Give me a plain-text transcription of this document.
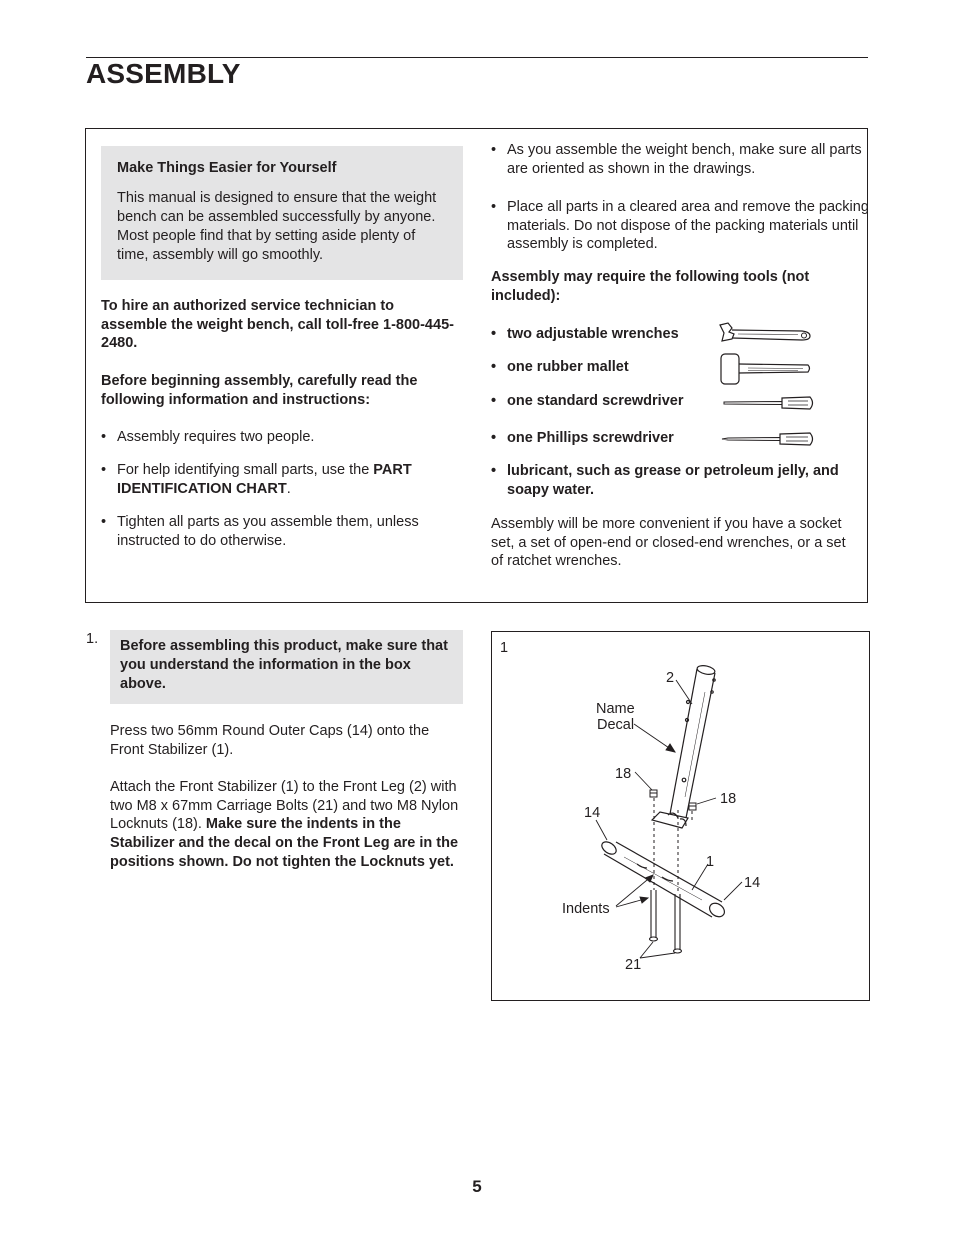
ASSEMBLY
Make Things Easier for Yourself
This manual is designed to ensure that the weight bench can be assembled successfully by anyone. Most people find that by setting aside plenty of time, assembly will go smoothly.
To hire an authorized service technician to assemble the weight bench, call toll-free 1-800-445-2480.
Before beginning assembly, carefully read the following information and instructions:
• Assembly requires two people.
• For help identifying small parts, use the PART IDENTIFICATION CHART.
• Tighten all parts as you assemble them, unless instructed to do otherwise.
• As you assemble the weight bench, make sure all parts are oriented as shown in the drawings.
• Place all parts in a cleared area and remove the packing materials. Do not dispose of the packing materials until assembly is completed.
Assembly may require the following tools (not included):
• two adjustable wrenches
• one rubber mallet
• one standard screwdriver
• one Phillips screwdriver
• lubricant, such as grease or petroleum jelly, and soapy water.
Assembly will be more convenient if you have a socket set, a set of open-end or closed-end wrenches, or a set of ratchet wrenches.
1.	Before assembling this product, make sure that you understand the information in the box above.
Press two 56mm Round Outer Caps (14) onto the Front Stabilizer (1).
Attach the Front Stabilizer (1) to the Front Leg (2) with two M8 x 67mm Carriage Bolts (21) and two M8 Nylon Locknuts (18). Make sure the indents in the Stabilizer and the decal on the Front Leg are in the positions shown. Do not tighten the Locknuts yet.
1
2
Name
Decal
18
18
14
1
14
Indents
21
5
